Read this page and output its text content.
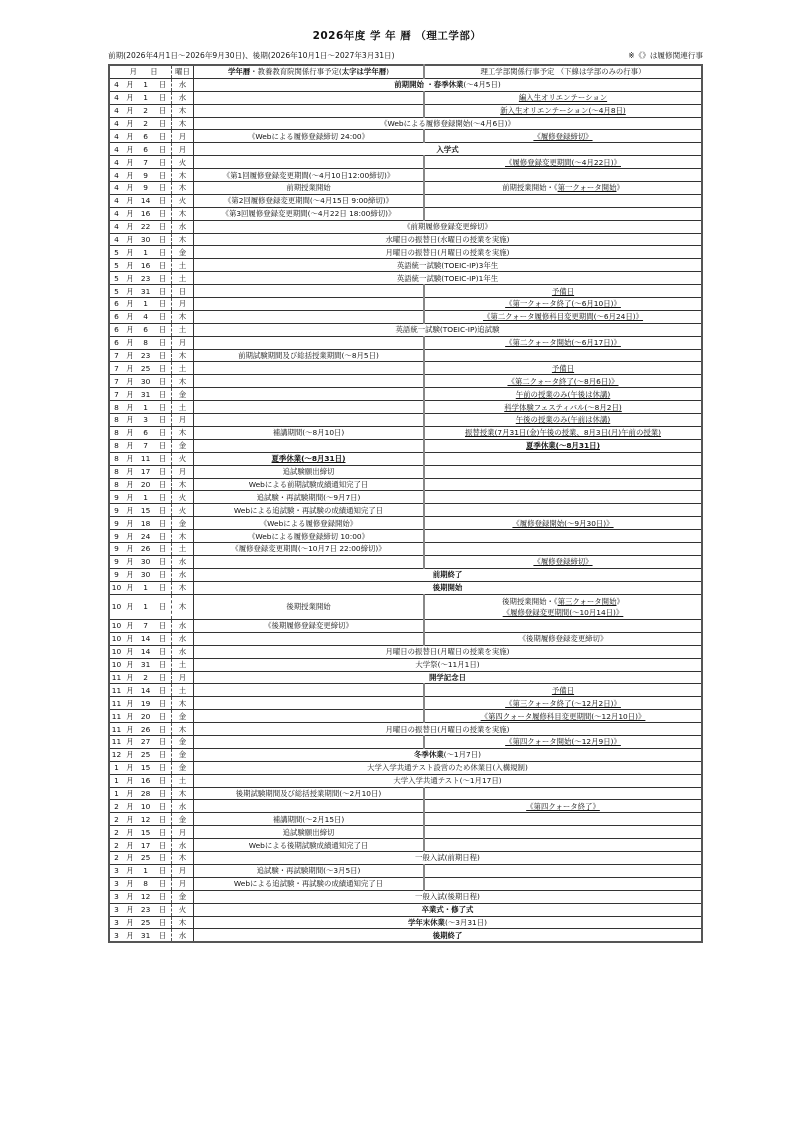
2026年度 学 年 暦 （理工学部）
前期(2026年4月1日～2026年9月30日)、後期(2026年10月1日～2027年3月31日)	※《》は履修関連行事
月		日		曜日	学年暦・教養教育院関係行事予定(太字は学年暦)	理工学部関係行事予定 （下線は学部のみの行事）
4	月	1	日	水	前期開始 ・春季休業(～4月5日)	
4	月	1	日	水		編入生オリエンテーション
4	月	2	日	木		新入生オリエンテーション(～4月8日)
4	月	2	日	木	《Webによる履修登録開始(～4月6日)》	
4	月	6	日	月	《Webによる履修登録締切 24:00》	《履修登録締切》
4	月	6	日	月	入学式	
4	月	7	日	火		《履修登録変更期間(～4月22日)》
4	月	9	日	木	《第1回履修登録変更期間(～4月10日12:00締切)》	
4	月	9	日	木	前期授業開始	前期授業開始・《第一クォータ開始》
4	月	14	日	火	《第2回履修登録変更期間(～4月15日 9:00締切)》	
4	月	16	日	木	《第3回履修登録変更期間(～4月22日 18:00締切)》	
4	月	22	日	水	《前期履修登録変更締切》	
4	月	30	日	木	水曜日の振替日(水曜日の授業を実施)	
5	月	1	日	金	月曜日の振替日(月曜日の授業を実施)	
5	月	16	日	土	英語統一試験(TOEIC-IP)3年生	
5	月	23	日	土	英語統一試験(TOEIC-IP)1年生	
5	月	31	日	日		予備日
6	月	1	日	月		《第一クォータ終了(～6月10日)》
6	月	4	日	木		《第二クォータ履修科目変更期間(～6月24日)》
6	月	6	日	土	英語統一試験(TOEIC-IP)追試験	
6	月	8	日	月		《第二クォータ開始(～6月17日)》
7	月	23	日	木	前期試験期間及び総括授業期間(～8月5日)	
7	月	25	日	土		予備日
7	月	30	日	木		《第二クォータ終了(～8月6日)》
7	月	31	日	金		午前の授業のみ(午後は休講)
8	月	1	日	土		科学体験フェスティバル(～8月2日)
8	月	3	日	月		午後の授業のみ(午前は休講)
8	月	6	日	木	補講期間(～8月10日)	振替授業(7月31日(金)午後の授業、8月3日(月)午前の授業)
8	月	7	日	金		夏季休業(～8月31日)
8	月	11	日	火	夏季休業(～8月31日)	
8	月	17	日	月	追試験願出締切	
8	月	20	日	木	Webによる前期試験成績通知完了日	
9	月	1	日	火	追試験・再試験期間(～9月7日)	
9	月	15	日	火	Webによる追試験・再試験の成績通知完了日	
9	月	18	日	金	《Webによる履修登録開始》	《履修登録開始(～9月30日)》
9	月	24	日	木	《Webによる履修登録締切 10:00》	
9	月	26	日	土	《履修登録変更期間(～10月7日 22:00締切)》	
9	月	30	日	水		《履修登録締切》
9	月	30	日	水	前期終了	
10	月	1	日	木	後期開始	
10	月	1	日	木	後期授業開始	後期授業開始・《第三クォータ開始》
《履修登録変更期間(～10月14日)》
10	月	7	日	水	《後期履修登録変更締切》	
10	月	14	日	水		《後期履修登録変更締切》
10	月	14	日	水	月曜日の振替日(月曜日の授業を実施)	
10	月	31	日	土	大学祭(～11月1日)	
11	月	2	日	月	開学記念日	
11	月	14	日	土		予備日
11	月	19	日	木		《第三クォータ終了(～12月2日)》
11	月	20	日	金		《第四クォータ履修科目変更期間(～12月10日)》
11	月	26	日	木	月曜日の振替日(月曜日の授業を実施)	
11	月	27	日	金		《第四クォータ開始(～12月9日)》
12	月	25	日	金	冬季休業(～1月7日)	
1	月	15	日	金	大学入学共通テスト設営のため休業日(入構規制)	
1	月	16	日	土	大学入学共通テスト(～1月17日)	
1	月	28	日	木	後期試験期間及び総括授業期間(～2月10日)	
2	月	10	日	水		《第四クォータ終了》
2	月	12	日	金	補講期間(～2月15日)	
2	月	15	日	月	追試験願出締切	
2	月	17	日	水	Webによる後期試験成績通知完了日	
2	月	25	日	木	一般入試(前期日程)	
3	月	1	日	月	追試験・再試験期間(～3月5日)	
3	月	8	日	月	Webによる追試験・再試験の成績通知完了日	
3	月	12	日	金	一般入試(後期日程)	
3	月	23	日	火	卒業式・修了式	
3	月	25	日	木	学年末休業(～3月31日)	
3	月	31	日	水	後期終了	
